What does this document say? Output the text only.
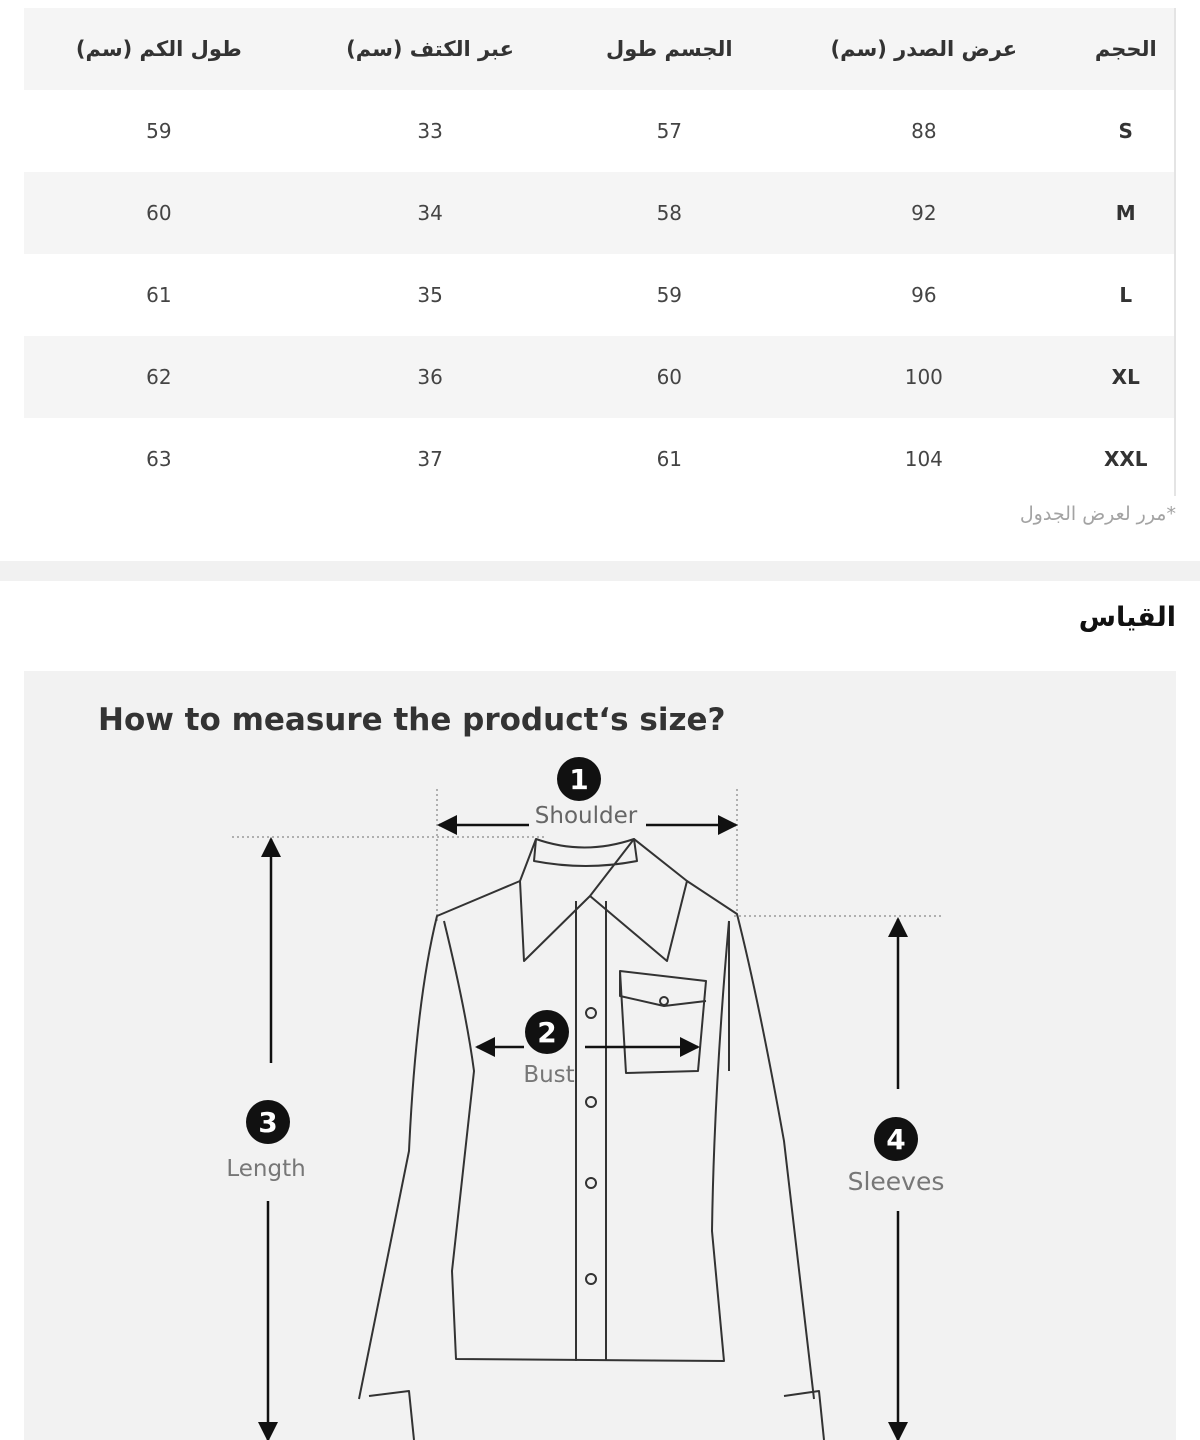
الحجم	عرض الصدر (سم)	الجسم طول	عبر الكتف (سم)	طول الكم (سم)
S	88	57	33	59
M	92	58	34	60
L	96	59	35	61
XL	100	60	36	62
XXL	104	61	37	63
*مرر لعرض الجدول
القياس
How to measure the product‘s size?
1
Shoulder
2
Bust
3
Length
4
Sleeves
